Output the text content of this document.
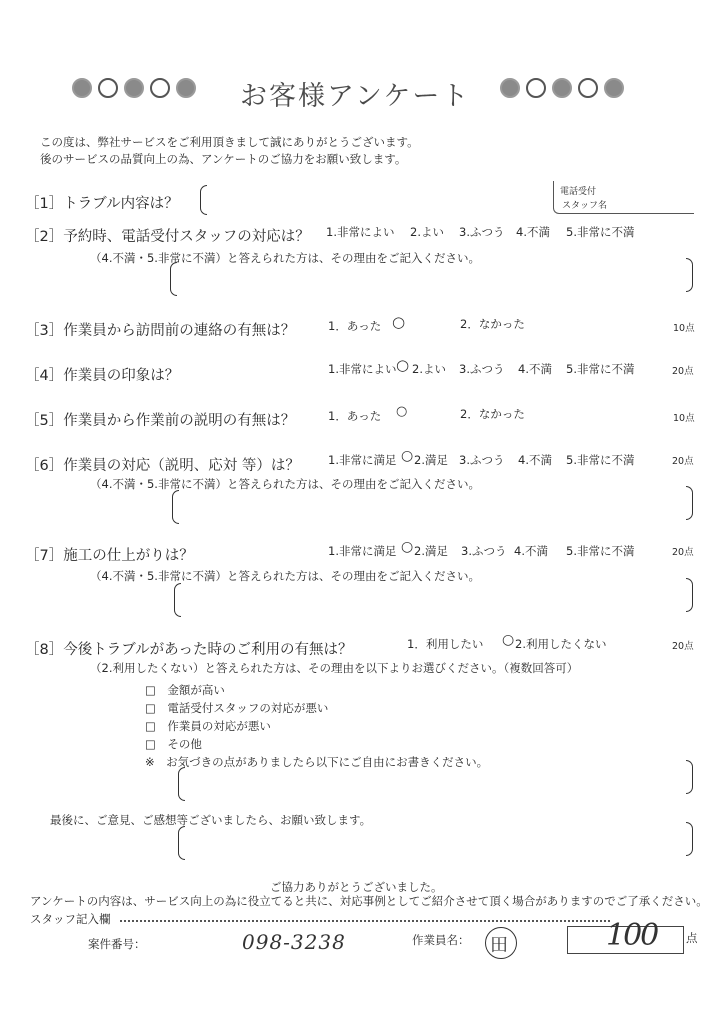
お客様アンケート
この度は、弊社サービスをご利用頂きまして誠にありがとうございます。
後のサービスの品質向上の為、アンケートのご協力をお願い致します。
［1］トラブル内容は？
電話受付
スタッフ名
［2］予約時、電話受付スタッフの対応は？ 1.非常によい 2.よい 3.ふつう 4.不満 5.非常に不満
（4.不満・5.非常に不満）と答えられた方は、その理由をご記入ください。
［3］作業員から訪問前の連絡の有無は？	1．あった ○	2．なかった	10点
［4］作業員の印象は？	1.非常によい ○ 2.よい 3.ふつう 4.不満 5.非常に不満	20点
［5］作業員から作業前の説明の有無は？	1．あった ○	2．なかった	10点
［6］作業員の対応（説明、応対 等）は？ 1.非常に満足 ○ 2.満足 3.ふつう 4.不満 5.非常に不満	20点
（4.不満・5.非常に不満）と答えられた方は、その理由をご記入ください。
［7］施工の仕上がりは？	1.非常に満足 ○ 2.満足 3.ふつう 4.不満 5.非常に不満	20点
（4.不満・5.非常に不満）と答えられた方は、その理由をご記入ください。
［8］今後トラブルがあった時のご利用の有無は？	1．利用したい ○ 2.利用したくない	20点
（2.利用したくない）と答えられた方は、その理由を以下よりお選びください。（複数回答可）
□　金額が高い
□　電話受付スタッフの対応が悪い
□　作業員の対応が悪い
□　その他
※　お気づきの点がありましたら以下にご自由にお書きください。
最後に、ご意見、ご感想等ございましたら、お願い致します。
ご協力ありがとうございました。
アンケートの内容は、サービス向上の為に役立てると共に、対応事例としてご紹介させて頂く場合がありますのでご了承ください。
スタッフ記入欄
案件番号：	098-3238	作業員名： 田	100 点
